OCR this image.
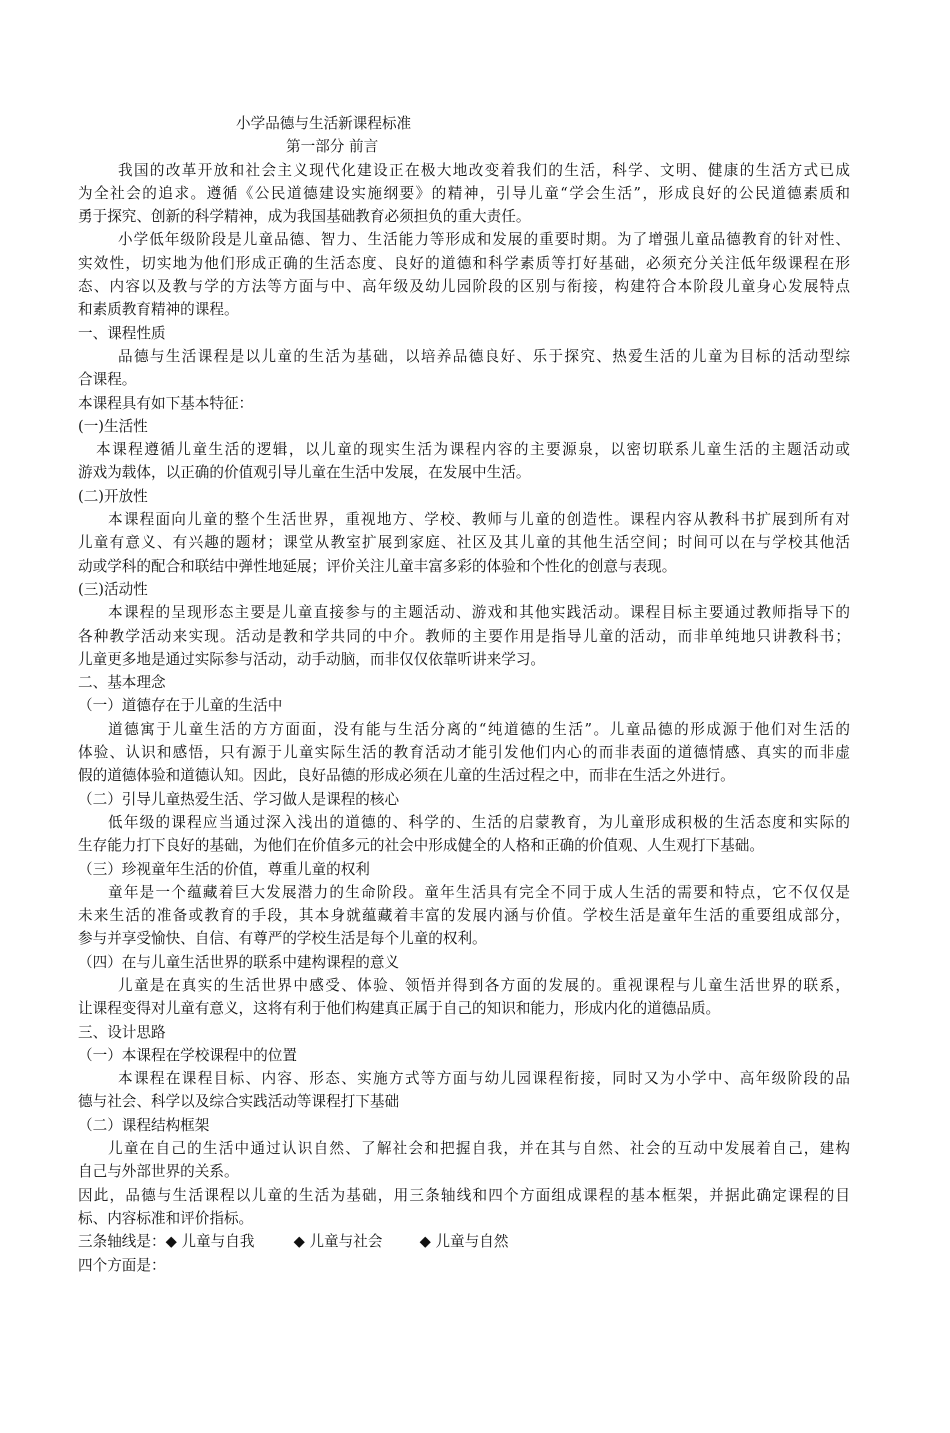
小学品德与生活新课程标准
第一部分 前言
我国的改革开放和社会主义现代化建设正在极大地改变着我们的生活，科学、文明、健康的生活方式已成
为全社会的追求。遵循《公民道德建设实施纲要》的精神，引导儿童“学会生活”，形成良好的公民道德素质和
勇于探究、创新的科学精神，成为我国基础教育必须担负的重大责任。
小学低年级阶段是儿童品德、智力、生活能力等形成和发展的重要时期。为了增强儿童品德教育的针对性、
实效性，切实地为他们形成正确的生活态度、良好的道德和科学素质等打好基础，必须充分关注低年级课程在形
态、内容以及教与学的方法等方面与中、高年级及幼儿园阶段的区别与衔接，构建符合本阶段儿童身心发展特点
和素质教育精神的课程。
一、课程性质
品德与生活课程是以儿童的生活为基础，以培养品德良好、乐于探究、热爱生活的儿童为目标的活动型综
合课程。
本课程具有如下基本特征：
(一)生活性
本课程遵循儿童生活的逻辑，以儿童的现实生活为课程内容的主要源泉，以密切联系儿童生活的主题活动或
游戏为载体，以正确的价值观引导儿童在生活中发展，在发展中生活。
(二)开放性
本课程面向儿童的整个生活世界，重视地方、学校、教师与儿童的创造性。课程内容从教科书扩展到所有对
儿童有意义、有兴趣的题材；课堂从教室扩展到家庭、社区及其儿童的其他生活空间；时间可以在与学校其他活
动或学科的配合和联结中弹性地延展；评价关注儿童丰富多彩的体验和个性化的创意与表现。
(三)活动性
本课程的呈现形态主要是儿童直接参与的主题活动、游戏和其他实践活动。课程目标主要通过教师指导下的
各种教学活动来实现。活动是教和学共同的中介。教师的主要作用是指导儿童的活动，而非单纯地只讲教科书；
儿童更多地是通过实际参与活动，动手动脑，而非仅仅依靠听讲来学习。
二、基本理念
（一）道德存在于儿童的生活中
道德寓于儿童生活的方方面面，没有能与生活分离的“纯道德的生活”。儿童品德的形成源于他们对生活的
体验、认识和感悟，只有源于儿童实际生活的教育活动才能引发他们内心的而非表面的道德情感、真实的而非虚
假的道德体验和道德认知。因此，良好品德的形成必须在儿童的生活过程之中，而非在生活之外进行。
（二）引导儿童热爱生活、学习做人是课程的核心
低年级的课程应当通过深入浅出的道德的、科学的、生活的启蒙教育，为儿童形成积极的生活态度和实际的
生存能力打下良好的基础，为他们在价值多元的社会中形成健全的人格和正确的价值观、人生观打下基础。
（三）珍视童年生活的价值，尊重儿童的权利
童年是一个蕴藏着巨大发展潜力的生命阶段。童年生活具有完全不同于成人生活的需要和特点，它不仅仅是
未来生活的准备或教育的手段，其本身就蕴藏着丰富的发展内涵与价值。学校生活是童年生活的重要组成部分，
参与并享受愉快、自信、有尊严的学校生活是每个儿童的权利。
（四）在与儿童生活世界的联系中建构课程的意义
儿童是在真实的生活世界中感受、体验、领悟并得到各方面的发展的。重视课程与儿童生活世界的联系，
让课程变得对儿童有意义，这将有利于他们构建真正属于自己的知识和能力，形成内化的道德品质。
三、设计思路
（一）本课程在学校课程中的位置
本课程在课程目标、内容、形态、实施方式等方面与幼儿园课程衔接，同时又为小学中、高年级阶段的品
德与社会、科学以及综合实践活动等课程打下基础
（二）课程结构框架
儿童在自己的生活中通过认识自然、了解社会和把握自我，并在其与自然、社会的互动中发展着自己，建构
自己与外部世界的关系。
因此，品德与生活课程以儿童的生活为基础，用三条轴线和四个方面组成课程的基本框架，并据此确定课程的目
标、内容标准和评价指标。
三条轴线是：◆ 儿童与自我	◆ 儿童与社会	◆ 儿童与自然
四个方面是：
